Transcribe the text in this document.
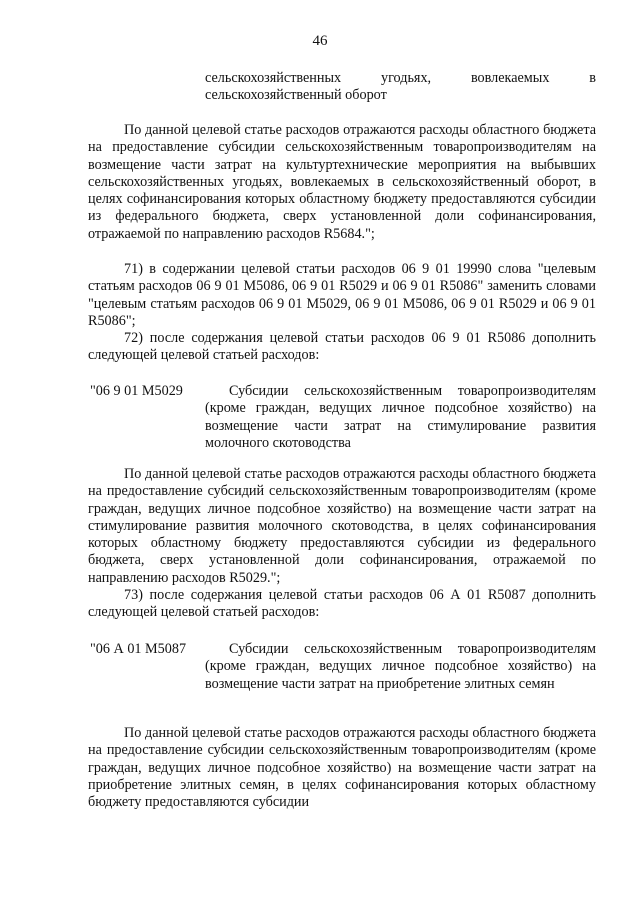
46
сельскохозяйственных угодьях, вовлекаемых в сельскохозяйственный оборот
По данной целевой статье расходов отражаются расходы областного бюджета на предоставление субсидии сельскохозяйственным товаропроизводителям на возмещение части затрат на культуртехнические мероприятия на выбывших сельскохозяйственных угодьях, вовлекаемых в сельскохозяйственный оборот, в целях софинансирования которых областному бюджету предоставляются субсидии из федерального бюджета, сверх установленной доли софинансирования, отражаемой по направлению расходов R5684.";
71) в содержании целевой статьи расходов 06 9 01 19990 слова "целевым статьям расходов 06 9 01 M5086, 06 9 01 R5029 и 06 9 01 R5086" заменить словами "целевым статьям расходов 06 9 01 M5029, 06 9 01 M5086, 06 9 01 R5029 и 06 9 01 R5086";
72) после содержания целевой статьи расходов 06 9 01 R5086 дополнить следующей целевой статьей расходов:
"06 9 01 M5029	Субсидии сельскохозяйственным товаропроизводителям (кроме граждан, ведущих личное подсобное хозяйство) на возмещение части затрат на стимулирование развития молочного скотоводства
По данной целевой статье расходов отражаются расходы областного бюджета на предоставление субсидий сельскохозяйственным товаропроизводителям (кроме граждан, ведущих личное подсобное хозяйство) на возмещение части затрат на стимулирование развития молочного скотоводства, в целях софинансирования которых областному бюджету предоставляются субсидии из федерального бюджета, сверх установленной доли софинансирования, отражаемой по направлению расходов R5029.";
73) после содержания целевой статьи расходов 06 А 01 R5087 дополнить следующей целевой статьей расходов:
"06 А 01 M5087	Субсидии сельскохозяйственным товаропроизводителям (кроме граждан, ведущих личное подсобное хозяйство) на возмещение части затрат на приобретение элитных семян
По данной целевой статье расходов отражаются расходы областного бюджета на предоставление субсидии сельскохозяйственным товаропроизводителям (кроме граждан, ведущих личное подсобное хозяйство) на возмещение части затрат на приобретение элитных семян, в целях софинансирования которых областному бюджету предоставляются субсидии
